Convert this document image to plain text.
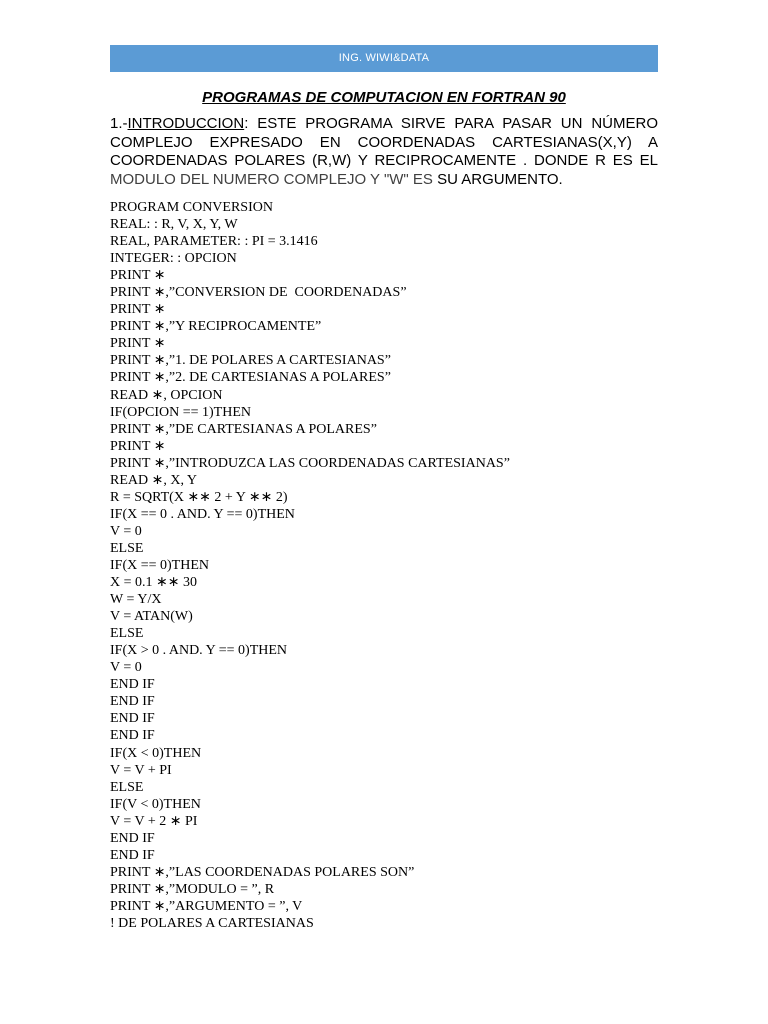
ING. WIWI&DATA
PROGRAMAS DE COMPUTACION EN FORTRAN 90

1.-INTRODUCCION: ESTE PROGRAMA SIRVE PARA PASAR UN NÚMERO COMPLEJO EXPRESADO EN COORDENADAS CARTESIANAS(X,Y) A COORDENADAS POLARES (R,W) Y RECIPROCAMENTE . DONDE R ES EL MODULO DEL NUMERO COMPLEJO Y "W" ES SU ARGUMENTO.

PROGRAM CONVERSION
REAL: : R, V, X, Y, W
REAL, PARAMETER: : PI = 3.1416
INTEGER: : OPCION
PRINT ∗
PRINT ∗,”CONVERSION DE  COORDENADAS”
PRINT ∗
PRINT ∗,”Y RECIPROCAMENTE”
PRINT ∗
PRINT ∗,”1. DE POLARES A CARTESIANAS”
PRINT ∗,”2. DE CARTESIANAS A POLARES”
READ ∗, OPCION
IF(OPCION == 1)THEN
PRINT ∗,”DE CARTESIANAS A POLARES”
PRINT ∗
PRINT ∗,”INTRODUZCA LAS COORDENADAS CARTESIANAS”
READ ∗, X, Y
R = SQRT(X ∗∗ 2 + Y ∗∗ 2)
IF(X == 0 . AND. Y == 0)THEN
V = 0
ELSE
IF(X == 0)THEN
X = 0.1 ∗∗ 30
W = Y/X
V = ATAN(W)
ELSE
IF(X > 0 . AND. Y == 0)THEN
V = 0
END IF
END IF
END IF
END IF
IF(X < 0)THEN
V = V + PI
ELSE
IF(V < 0)THEN
V = V + 2 ∗ PI
END IF
END IF
PRINT ∗,”LAS COORDENADAS POLARES SON”
PRINT ∗,”MODULO = ”, R
PRINT ∗,”ARGUMENTO = ”, V
! DE POLARES A CARTESIANAS
